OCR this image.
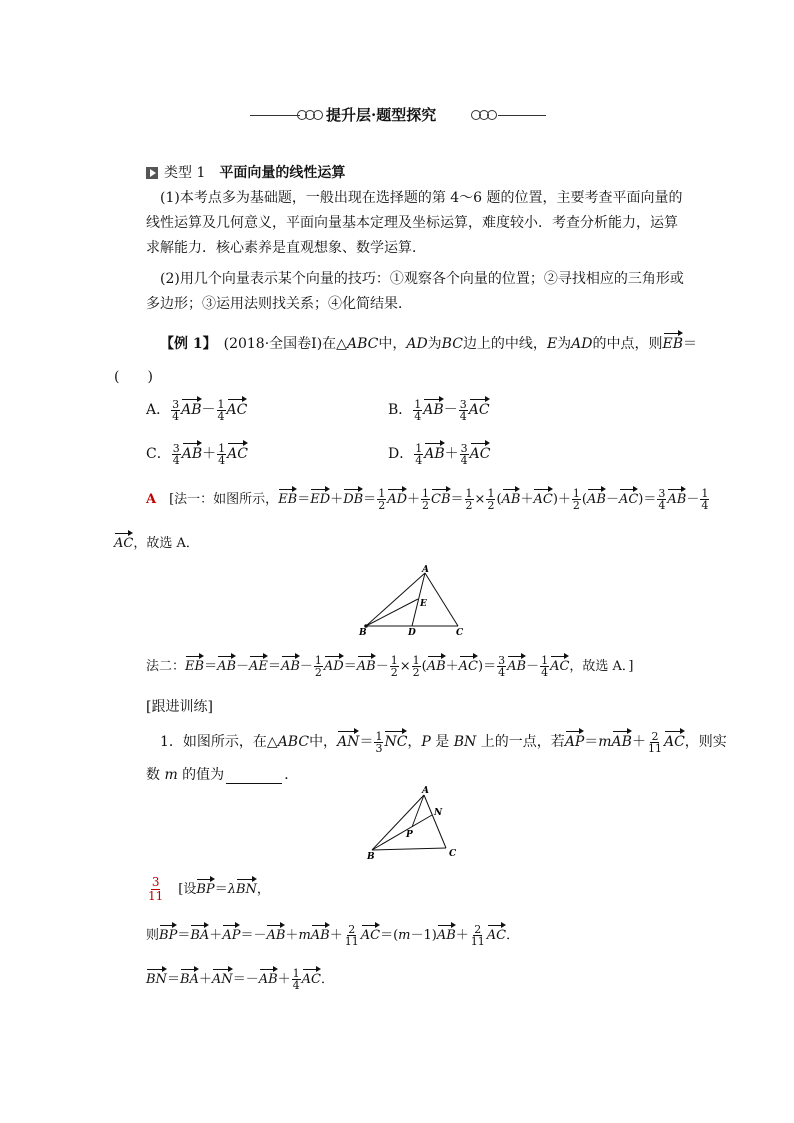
提升层·题型探究
类型 1　 平面向量的线性运算

(1)本考点多为基础题，一般出现在选择题的第 4～6 题的位置，主要考查平面向量的线性运算及几何意义，平面向量基本定理及坐标运算，难度较小．考查分析能力，运算求解能力．核心素养是直观想象、数学运算．

(2)用几个向量表示某个向量的技巧：①观察各个向量的位置；②寻找相应的三角形或多边形；③运用法则找关系；④化简结果．

【例 1】　 (2018·全国卷Ⅰ)在△ABC中，AD为BC边上的中线，E为AD的中点，则EB＝
(　　)
A． $\frac{3}{4} AB- \frac{1}{4}$ AC	B． $\frac{1}{4} AB- \frac{3}{4}$ AC
C． $\frac{3}{4} AB+ \frac{1}{4}$ AC	D． $\frac{1}{4} AB+ \frac{3}{4}$ AC
A　 [法一：如图所示，$EB=ED+DB= \frac{1}{2} AD+ \frac{1}{2} CB= \frac{1}{2} \times \frac{1}{2} (AB+AC)+ \frac{1}{2} (AB-AC)= \frac{3}{4} AB- \frac{1}{4}$
AC，故选 A．
A
B	C
D
E
法二：$EB=AB-AE=AB- \frac{1}{2} AD=AB- \frac{1}{2} \times \frac{1}{2} (AB+AC)= \frac{3}{4} AB- \frac{1}{4}$ AC，故选 A．]
[跟进训练]
1．如图所示，在△ABC中，$AN= \frac{1}{3}$ NC，P 是 BN 上的一点，若$AP=mAB+ \frac{2}{11}$ AC，则实
数 m 的值为	．
A
B	C
N
P
$\frac{3}{11}$
　 [设BP＝λBN，
则$BP=BA+AP=-AB+mAB+ \frac{2}{11} AC=(m-1)AB+ \frac{2}{11}$ AC．
$BN=BA+AN=-AB+ \frac{1}{4}$ AC．
